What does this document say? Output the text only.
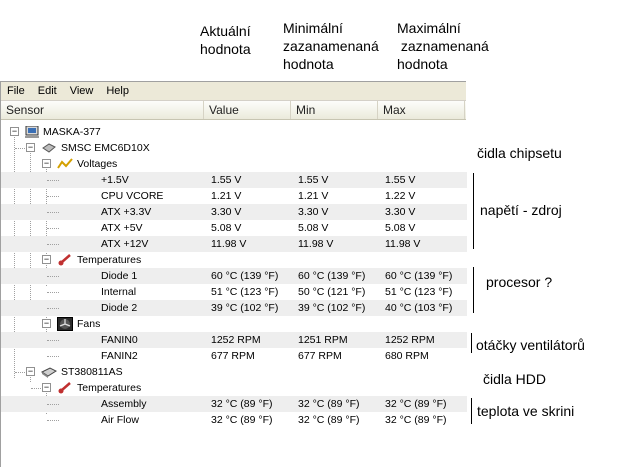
Aktuální
hodnota
Minimální
zazanamenaná
hodnota
Maximální
zaznamenaná
hodnota
File Edit View Help
Sensor	Value	Min	Max
− MASKA-377
−	SMSC EMC6D10X
−	Voltages
+1.5V	1.55 V	1.55 V	1.55 V
CPU VCORE	1.21 V	1.21 V	1.22 V
ATX +3.3V	3.30 V	3.30 V	3.30 V
ATX +5V	5.08 V	5.08 V	5.08 V
ATX +12V	11.98 V	11.98 V	11.98 V
−	Temperatures
Diode 1	60 °C (139 °F) 60 °C (139 °F) 60 °C (139 °F)
Internal	51 °C (123 °F) 50 °C (121 °F) 51 °C (123 °F)
Diode 2	39 °C (102 °F) 39 °C (102 °F) 40 °C (103 °F)
−	Fans
FANIN0	1252 RPM	1251 RPM	1252 RPM
FANIN2	677 RPM	677 RPM	680 RPM
−	ST380811AS
−	Temperatures
Assembly	32 °C (89 °F) 32 °C (89 °F) 32 °C (89 °F)
Air Flow	32 °C (89 °F) 32 °C (89 °F) 32 °C (89 °F)
čidla chipsetu
napětí - zdroj
procesor ?
otáčky ventilátorů
čidla HDD
teplota ve skrini
